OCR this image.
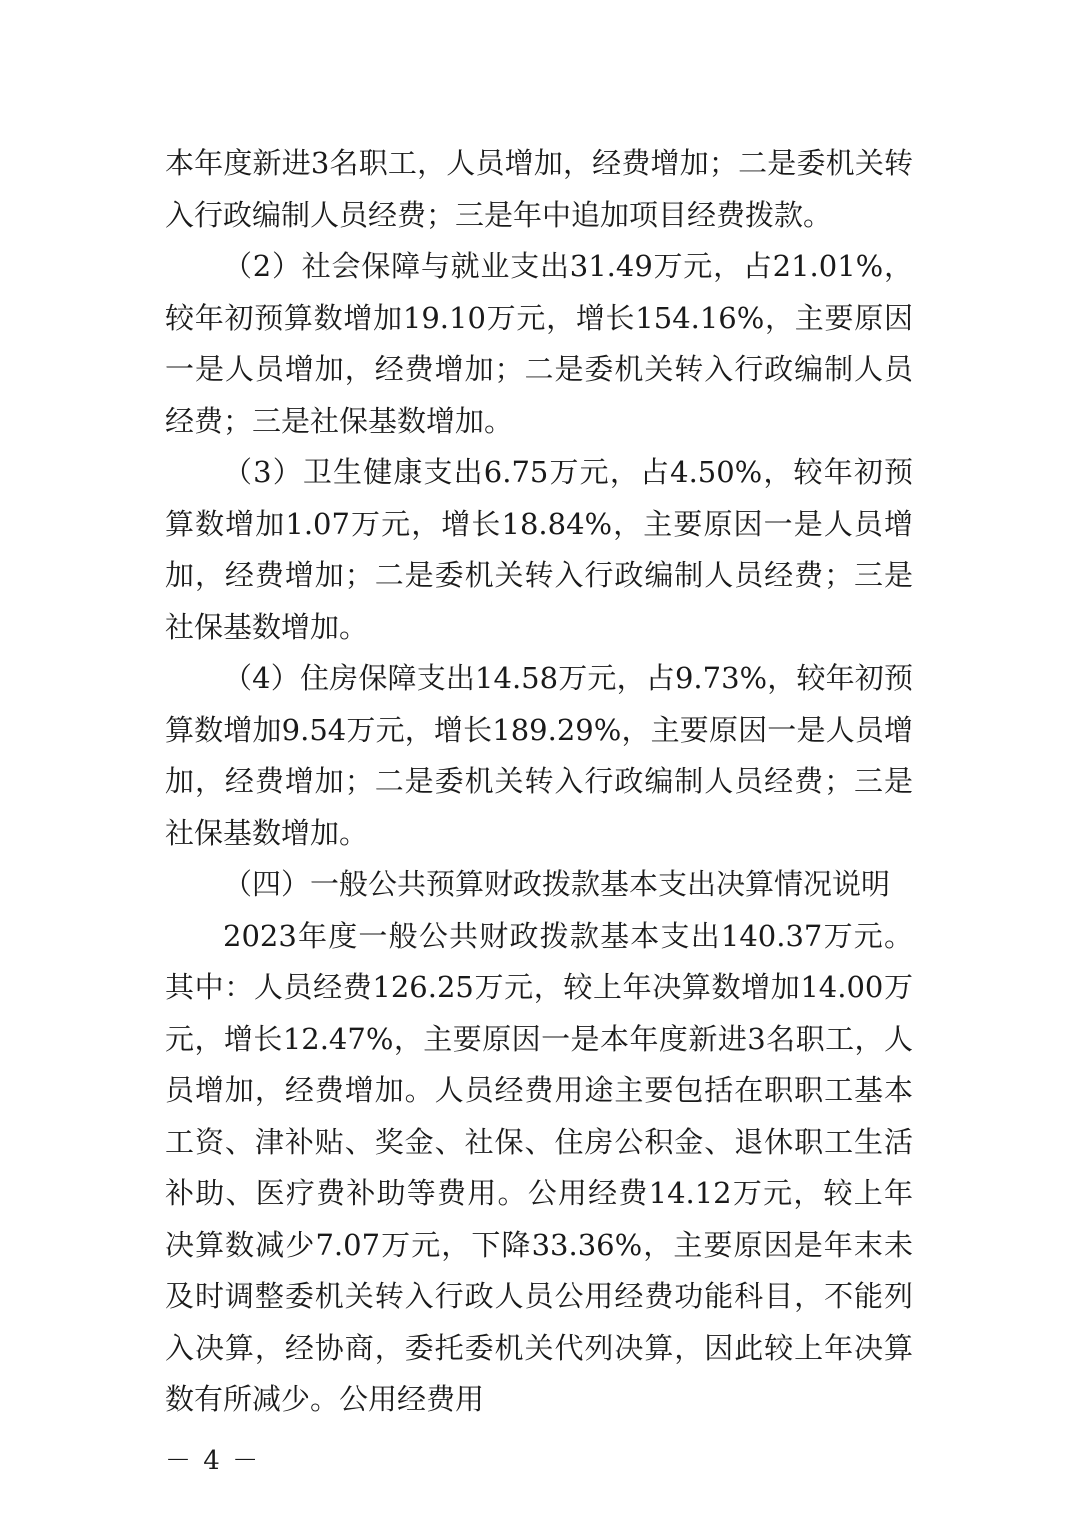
本年度新进3名职工，人员增加，经费增加；二是委机关转入行政编制人员经费；三是年中追加项目经费拨款。

（2）社会保障与就业支出31.49万元，占21.01%，较年初预算数增加19.10万元，增长154.16%，主要原因一是人员增加，经费增加；二是委机关转入行政编制人员经费；三是社保基数增加。

（3）卫生健康支出6.75万元，占4.50%，较年初预算数增加1.07万元，增长18.84%，主要原因一是人员增加，经费增加；二是委机关转入行政编制人员经费；三是社保基数增加。

（4）住房保障支出14.58万元，占9.73%，较年初预算数增加9.54万元，增长189.29%，主要原因一是人员增加，经费增加；二是委机关转入行政编制人员经费；三是社保基数增加。

（四）一般公共预算财政拨款基本支出决算情况说明

2023年度一般公共财政拨款基本支出140.37万元。其中：人员经费126.25万元，较上年决算数增加14.00万元，增长12.47%，主要原因一是本年度新进3名职工，人员增加，经费增加。人员经费用途主要包括在职职工基本工资、津补贴、奖金、社保、住房公积金、退休职工生活补助、医疗费补助等费用。公用经费14.12万元，较上年决算数减少7.07万元，下降33.36%，主要原因是年末未及时调整委机关转入行政人员公用经费功能科目，不能列入决算，经协商，委托委机关代列决算，因此较上年决算数有所减少。公用经费用

－ 4 －
